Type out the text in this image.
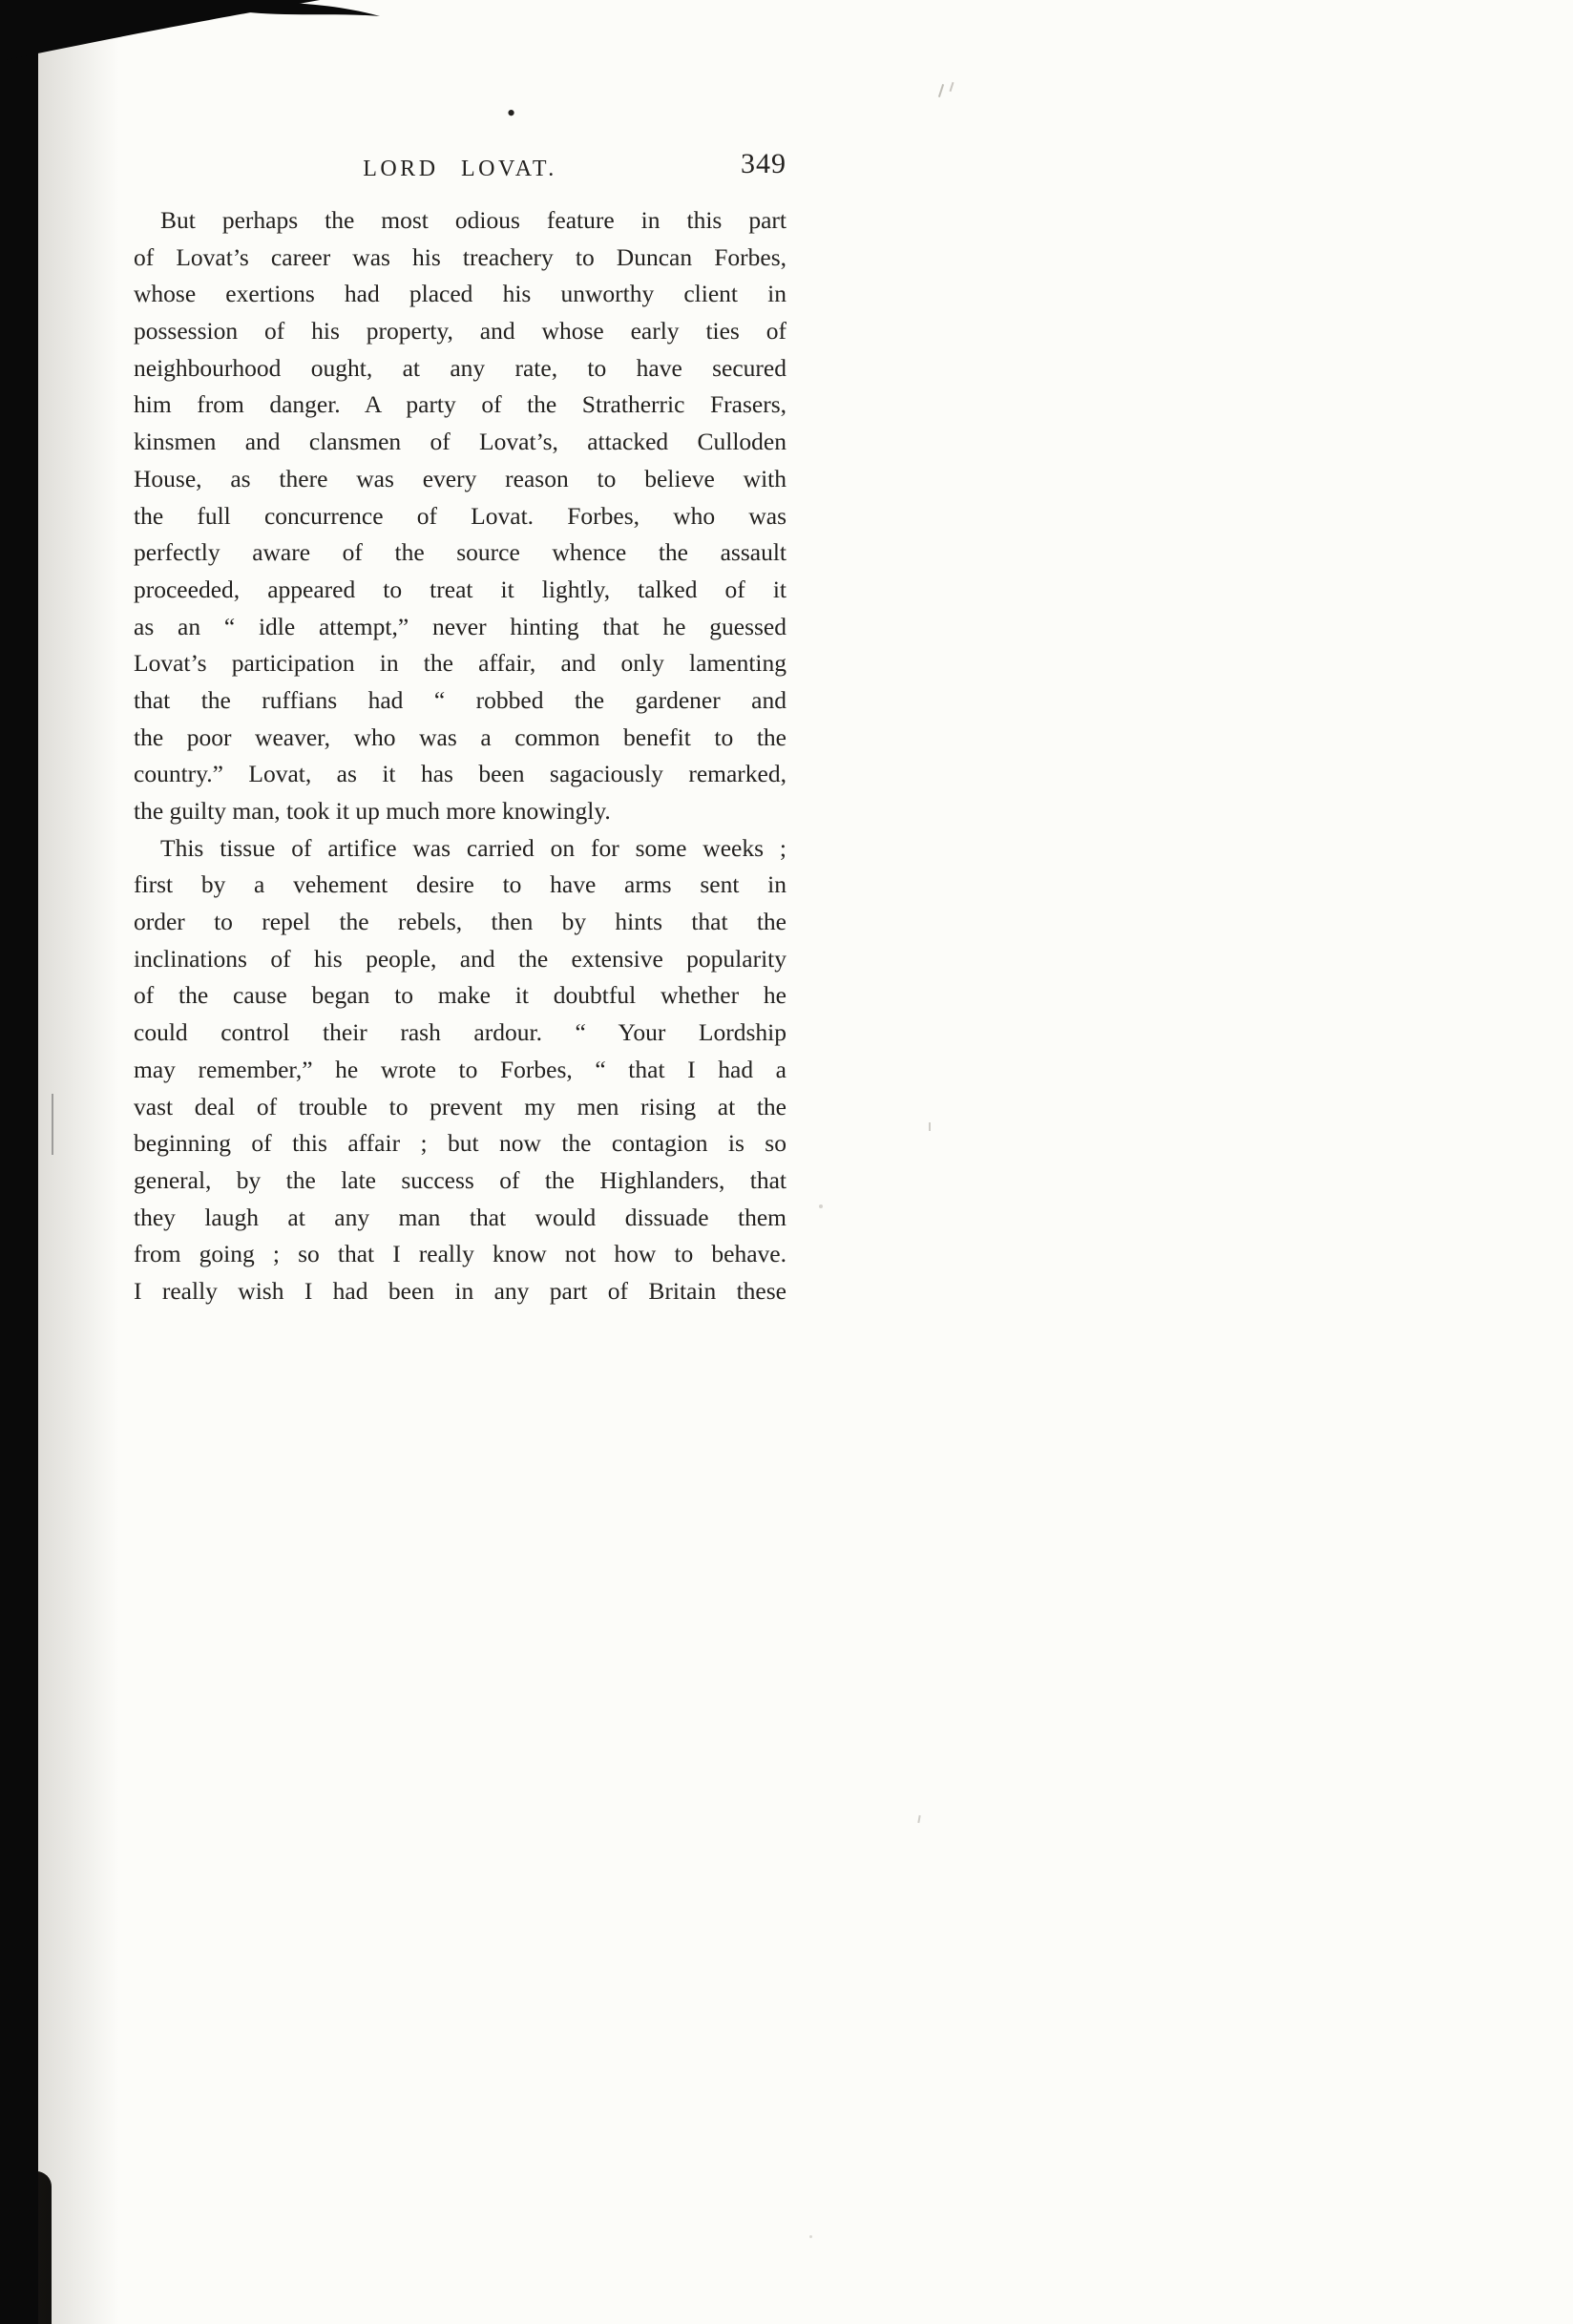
•
LORD LOVAT.	349
But perhaps the most odious feature in this part
of Lovat’s career was his treachery to Duncan Forbes,
whose exertions had placed his unworthy client in
possession of his property, and whose early ties of
neighbourhood ought, at any rate, to have secured
him from danger. A party of the Stratherric Frasers,
kinsmen and clansmen of Lovat’s, attacked Culloden
House, as there was every reason to believe with
the full concurrence of Lovat. Forbes, who was
perfectly aware of the source whence the assault
proceeded, appeared to treat it lightly, talked of it
as an “ idle attempt,” never hinting that he guessed
Lovat’s participation in the affair, and only lamenting
that the ruffians had “ robbed the gardener and
the poor weaver, who was a common benefit to the
country.” Lovat, as it has been sagaciously remarked,
the guilty man, took it up much more knowingly.
This tissue of artifice was carried on for some weeks ;
first by a vehement desire to have arms sent in
order to repel the rebels, then by hints that the
inclinations of his people, and the extensive popularity
of the cause began to make it doubtful whether he
could control their rash ardour. “ Your Lordship
may remember,” he wrote to Forbes, “ that I had a
vast deal of trouble to prevent my men rising at the
beginning of this affair ; but now the contagion is so
general, by the late success of the Highlanders, that
they laugh at any man that would dissuade them
from going ; so that I really know not how to behave.
I really wish I had been in any part of Britain these
